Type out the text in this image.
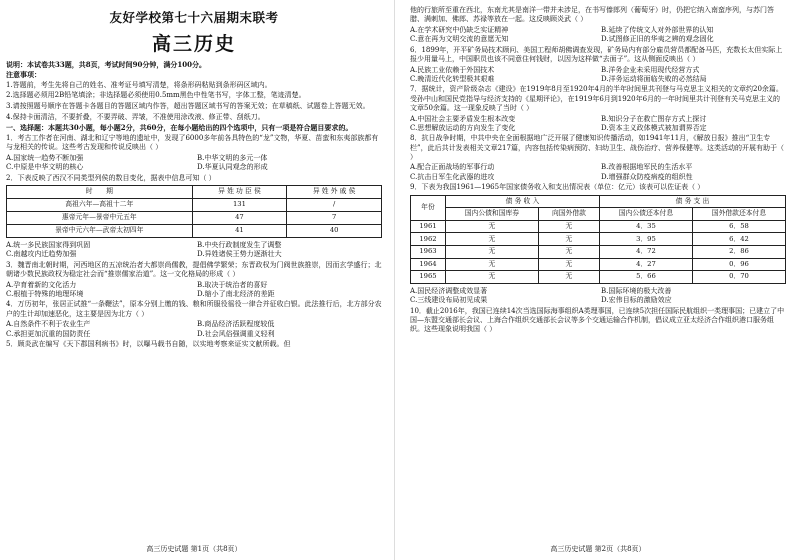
友好学校第七十六届期末联考
高三历史

说明：本试卷共33题，共8页，考试时间90分钟，满分100分。

注意事项：

1.答题前，考生先将自己的姓名、准考证号填写清楚，将条形码粘贴到条形码区域内。

2.选择题必须用2B铅笔填涂；非选择题必须使用0.5mm黑色中性笔书写，字体工整，笔迹清楚。

3.请按照题号顺序在答题卡各题目的答题区域内作答，超出答题区域书写的答案无效；在草稿纸、试题卷上答题无效。

4.保持卡面清洁，不要折叠，不要弄破、弄皱，不准使用涂改液、修正带、刮纸刀。

一、选择题：本题共30小题，每小题2分，共60分，在每小题给出的四个选项中，只有一项是符合题目要求的。

1．考古工作者在河南、湖北和辽宁等地的遗址中，发现了6000多年前各具特色的“龙”文物，华夏、苗蛮和东夷部族都有与龙相关的传说。这些考古发现和传说反映出（ ）

A.国家统一趋势不断加强	B.中华文明的多元一体
C.中原是中华文明的核心	D.华夏认同观念的形成

2．下表反映了西汉不同类型列侯的数目变化，据表中信息可知（ ）

时　　期	异 姓 功 臣 侯	异 姓 外 戚 侯
高祖六年—高祖十二年	131	/
惠帝元年—景帝中元五年	47	7
景帝中元六年—武帝太初四年	41	40
A.统一多民族国家得到巩固	B.中央行政制度发生了调整
C.南越攻内迁趋势加强	D.异姓诸侯王势力逐渐壮大

3．魏晋南北朝时期，河西地区的五凉统治者大都崇尚儒教，提倡佛学繁荣；东晋政权为门阀世族推崇，因而玄学盛行；北朝诸少数民族政权为稳定社会而“推崇儒家治道”。这一文化格局的形成（ ）

A.孕育着新的文化活力	B.取决于统治者的喜好
C.根植于特殊的地理环境	D.缩小了南北经济的差距

4．万历初年，张居正试推“一条鞭法”，原本分别上缴的钱、粮和所服役徭役一律合并征收白银。此法推行后，北方部分农户的生计却加速恶化，这主要是因为北方（ ）

A.自然条件不利于农业生产	B.商品经济活跃程度较低
C.承担更加沉重的国防责任	D.社会风俗强调重义轻利

5．顾炎武在编写《天下郡国利病书》时，以曝马载书自随，以实地考察来证实文献所载。但

高三历史试题 第1页（共8页）

他的行旅所至重在西北，东南尤其是南洋一带并未涉足，在书写傣郎列（葡萄牙）时，仍把它纳入南蛮序列，与苏门答腊、满刺加、佛郎、苏禄等放在一起。这反映顾炎武（ ）

A.在学术研究中仍缺乏实证精神	B.延续了传统文人对外部世界的认知
C.意在再为文明交流的意愿无知	D.试图修正旧的华夷之辨的观念固化

6．1899年，开平矿务局技术顾问、美国工程师胡佛调查发现，矿务局内有部分雇员营员都配备马匹，充数长太但实际上报少用量马上，中国职员也该不同意住何钱财，以因为这样做“去面子”。这从侧面反映出（ ）

A.民族工业依赖于外国技术	B.洋务企业未采用现代经营方式
C.晚清近代化转型极其艰难	D.洋务运动将面临失败的必然结局

7．据统计，资产阶级杂志《建设》在1919年8月至1920年4月的半年时间里共刊登与马克思主义相关的文章约20余篇。受孙中山和国民党指导与经济支持的《星期评论》，在1919年6月到1920年6月的一年时间里共计刊登有关马克思主义的文章50余篇。这一现象反映了当时（ ）

A.中国社会主要矛盾发生根本改变	B.知识分子在救亡图存方式上探讨
C.思想解放运动的方向发生了变化	D.资本主义政体模式被加谓界否定

8．抗日战争时期，中共中央在全面根据地广泛开展了健康知识传播活动，如1941年11月，《解放日报》推出“卫生专栏”，此后共计发表相关文章217篇，内容包括传染病预防、妇幼卫生、战伤治疗、营养保健等。这类活动的开展有助于（ ）

A.配合正面战场的军事行动	B.改善根据地军民的生活水平
C.抗击日军生化武器的进攻	D.增强群众防疫病疫的组织性

9．下表为我国1961—1965年国家债务收入和支出情况表（单位：亿元）该表可以佐证表（ ）

年份	债 务 收 入		债 务 支 出	
	国内公债和国库券	向国外借款	国内公债还本付息	国外借款还本付息
1961	无	无	4．35	6．58
1962	无	无	3．95	6．42
1963	无	无	4．72	2．86
1964	无	无	4．27	0．96
1965	无	无	5．66	0．70
A.国民经济调整成效显著	B.国际环境的极大改善
C.三线建设布局初见成果	D.宏伟目标的激励效应

10．截止2016年，我国已连续14次当选国际海事组织A类理事国，已连续5次担任国际民航组织一类理事国；已建立了中国—东盟交通部长会议、上海合作组织交通部长会议等多个交通运输合作机制，倡议成立亚太经济合作组织港口服务组织。这些现象说明我国（ ）

高三历史试题 第2页（共8页）
